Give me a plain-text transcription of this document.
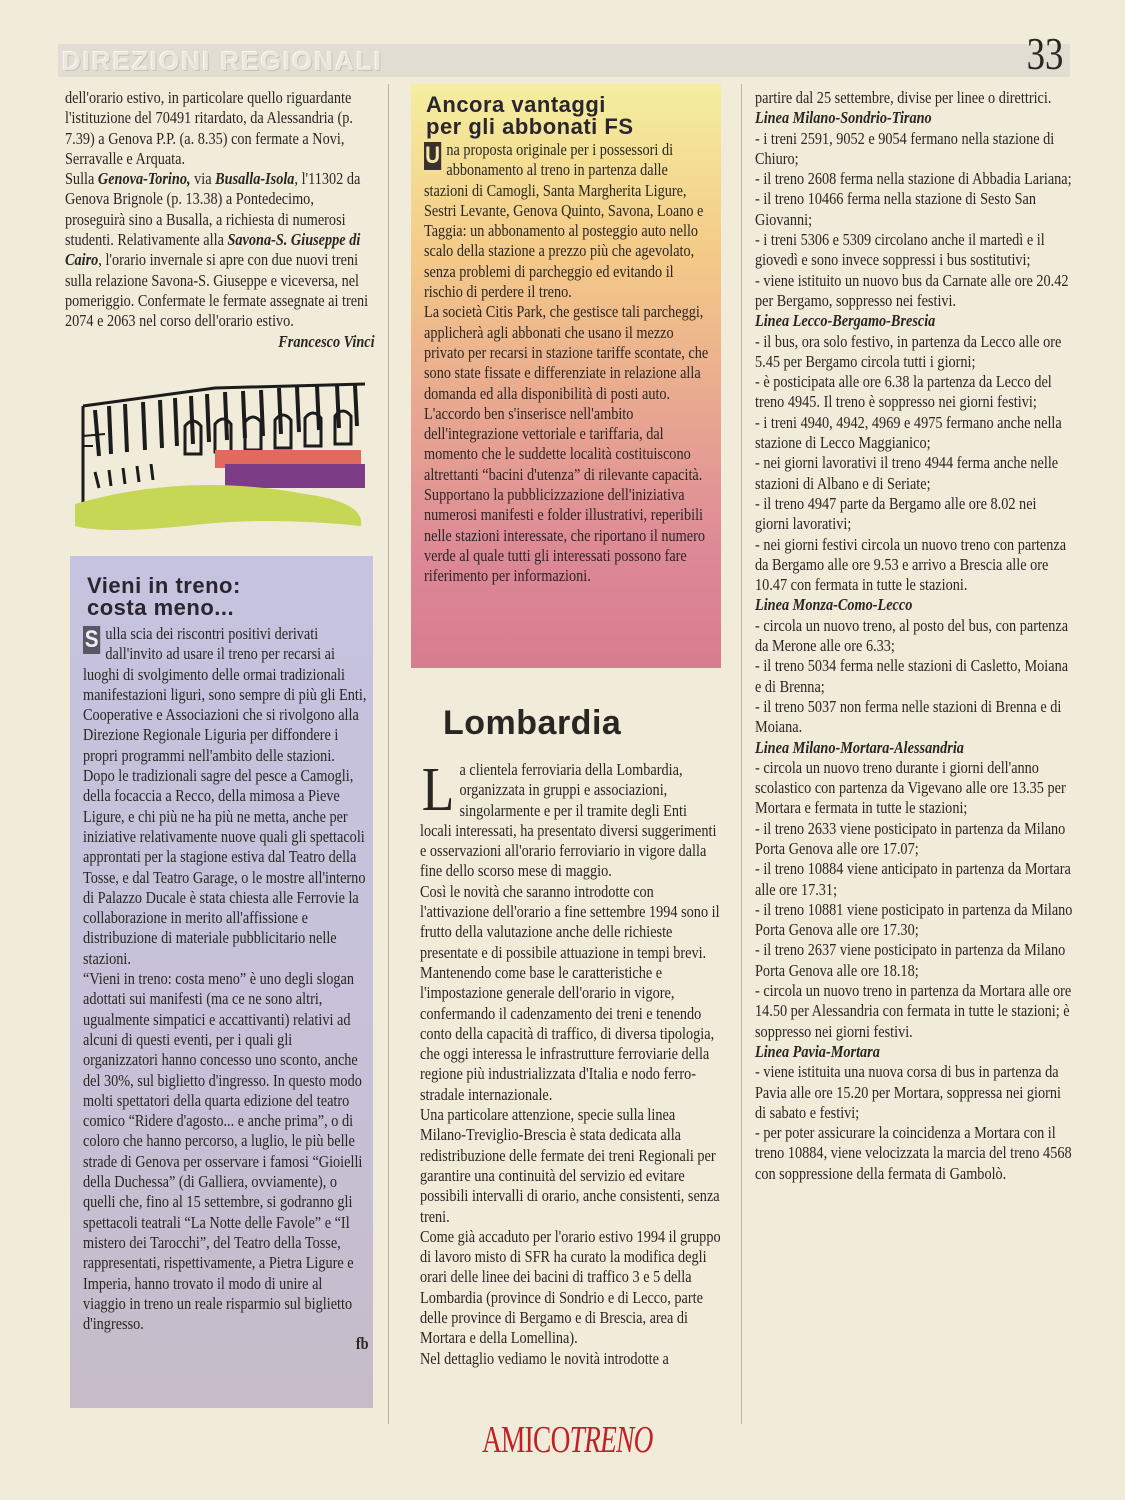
DIREZIONI REGIONALI	33

dell'orario estivo, in particolare quello riguardante l'istituzione del 70491 ritardato, da Alessandria (p. 7.39) a Genova P.P. (a. 8.35) con fermate a Novi, Serravalle e Arquata.

Sulla Genova-Torino, via Busalla-Isola, l'11302 da Genova Brignole (p. 13.38) a Pontedecimo, proseguirà sino a Busalla, a richiesta di numerosi studenti. Relativamente alla Savona-S. Giuseppe di Cairo, l'orario invernale si apre con due nuovi treni sulla relazione Savona-S. Giuseppe e viceversa, nel pomeriggio. Confermate le fermate assegnate ai treni 2074 e 2063 nel corso dell'orario estivo.

Francesco Vinci

Vieni in treno:
costa meno...

S ulla scia dei riscontri positivi derivati dall'invito ad usare il treno per recarsi ai luoghi di svolgimento delle ormai tradizionali manifestazioni liguri, sono sempre di più gli Enti, Cooperative e Associazioni che si rivolgono alla Direzione Regionale Liguria per diffondere i propri programmi nell'ambito delle stazioni.

Dopo le tradizionali sagre del pesce a Camogli, della focaccia a Recco, della mimosa a Pieve Ligure, e chi più ne ha più ne metta, anche per iniziative relativamente nuove quali gli spettacoli approntati per la stagione estiva dal Teatro della Tosse, e dal Teatro Garage, o le mostre all'interno di Palazzo Ducale è stata chiesta alle Ferrovie la collaborazione in merito all'affissione e distribuzione di materiale pubblicitario nelle stazioni.

“Vieni in treno: costa meno” è uno degli slogan adottati sui manifesti (ma ce ne sono altri, ugualmente simpatici e accattivanti) relativi ad alcuni di questi eventi, per i quali gli organizzatori hanno concesso uno sconto, anche del 30%, sul biglietto d'ingresso. In questo modo molti spettatori della quarta edizione del teatro comico “Ridere d'agosto... e anche prima”, o di coloro che hanno percorso, a luglio, le più belle strade di Genova per osservare i famosi “Gioielli della Duchessa” (di Galliera, ovviamente), o quelli che, fino al 15 settembre, si godranno gli spettacoli teatrali “La Notte delle Favole” e “Il mistero dei Tarocchi”, del Teatro della Tosse, rappresentati, rispettivamente, a Pietra Ligure e Imperia, hanno trovato il modo di unire al viaggio in treno un reale risparmio sul biglietto d'ingresso.

fb

Ancora vantaggi
per gli abbonati FS

U na proposta originale per i possessori di abbonamento al treno in partenza dalle stazioni di Camogli, Santa Margherita Ligure, Sestri Levante, Genova Quinto, Savona, Loano e Taggia: un abbonamento al posteggio auto nello scalo della stazione a prezzo più che agevolato, senza problemi di parcheggio ed evitando il rischio di perdere il treno.

La società Citis Park, che gestisce tali parcheggi, applicherà agli abbonati che usano il mezzo privato per recarsi in stazione tariffe scontate, che sono state fissate e differenziate in relazione alla domanda ed alla disponibilità di posti auto.

L'accordo ben s'inserisce nell'ambito dell'integrazione vettoriale e tariffaria, dal momento che le suddette località costituiscono altrettanti “bacini d'utenza” di rilevante capacità.

Supportano la pubblicizzazione dell'iniziativa numerosi manifesti e folder illustrativi, reperibili nelle stazioni interessate, che riportano il numero verde al quale tutti gli interessati possono fare riferimento per informazioni.

Lombardia

La clientela ferroviaria della Lombardia, organizzata in gruppi e associazioni, singolarmente e per il tramite degli Enti locali interessati, ha presentato diversi suggerimenti e osservazioni all'orario ferroviario in vigore dalla fine dello scorso mese di maggio.

Così le novità che saranno introdotte con l'attivazione dell'orario a fine settembre 1994 sono il frutto della valutazione anche delle richieste presentate e di possibile attuazione in tempi brevi.

Mantenendo come base le caratteristiche e l'impostazione generale dell'orario in vigore, confermando il cadenzamento dei treni e tenendo conto della capacità di traffico, di diversa tipologia, che oggi interessa le infrastrutture ferroviarie della regione più industrializzata d'Italia e nodo ferro-stradale internazionale.

Una particolare attenzione, specie sulla linea Milano-Treviglio-Brescia è stata dedicata alla redistribuzione delle fermate dei treni Regionali per garantire una continuità del servizio ed evitare possibili intervalli di orario, anche consistenti, senza treni.

Come già accaduto per l'orario estivo 1994 il gruppo di lavoro misto di SFR ha curato la modifica degli orari delle linee dei bacini di traffico 3 e 5 della Lombardia (province di Sondrio e di Lecco, parte delle province di Bergamo e di Brescia, area di Mortara e della Lomellina).

Nel dettaglio vediamo le novità introdotte a

partire dal 25 settembre, divise per linee o direttrici.

Linea Milano-Sondrio-Tirano

- i treni 2591, 9052 e 9054 fermano nella stazione di Chiuro;

- il treno 2608 ferma nella stazione di Abbadia Lariana;

- il treno 10466 ferma nella stazione di Sesto San Giovanni;

- i treni 5306 e 5309 circolano anche il martedì e il giovedì e sono invece soppressi i bus sostitutivi;

- viene istituito un nuovo bus da Carnate alle ore 20.42 per Bergamo, soppresso nei festivi.

Linea Lecco-Bergamo-Brescia

- il bus, ora solo festivo, in partenza da Lecco alle ore 5.45 per Bergamo circola tutti i giorni;

- è posticipata alle ore 6.38 la partenza da Lecco del treno 4945. Il treno è soppresso nei giorni festivi;

- i treni 4940, 4942, 4969 e 4975 fermano anche nella stazione di Lecco Maggianico;

- nei giorni lavorativi il treno 4944 ferma anche nelle stazioni di Albano e di Seriate;

- il treno 4947 parte da Bergamo alle ore 8.02 nei giorni lavorativi;

- nei giorni festivi circola un nuovo treno con partenza da Bergamo alle ore 9.53 e arrivo a Brescia alle ore 10.47 con fermata in tutte le stazioni.

Linea Monza-Como-Lecco

- circola un nuovo treno, al posto del bus, con partenza da Merone alle ore 6.33;

- il treno 5034 ferma nelle stazioni di Casletto, Moiana e di Brenna;

- il treno 5037 non ferma nelle stazioni di Brenna e di Moiana.

Linea Milano-Mortara-Alessandria

- circola un nuovo treno durante i giorni dell'anno scolastico con partenza da Vigevano alle ore 13.35 per Mortara e fermata in tutte le stazioni;

- il treno 2633 viene posticipato in partenza da Milano Porta Genova alle ore 17.07;

- il treno 10884 viene anticipato in partenza da Mortara alle ore 17.31;

- il treno 10881 viene posticipato in partenza da Milano Porta Genova alle ore 17.30;

- il treno 2637 viene posticipato in partenza da Milano Porta Genova alle ore 18.18;

- circola un nuovo treno in partenza da Mortara alle ore 14.50 per Alessandria con fermata in tutte le stazioni; è soppresso nei giorni festivi.

Linea Pavia-Mortara

- viene istituita una nuova corsa di bus in partenza da Pavia alle ore 15.20 per Mortara, soppressa nei giorni di sabato e festivi;

- per poter assicurare la coincidenza a Mortara con il treno 10884, viene velocizzata la marcia del treno 4568 con soppressione della fermata di Gambolò.

AMICOTRENO
